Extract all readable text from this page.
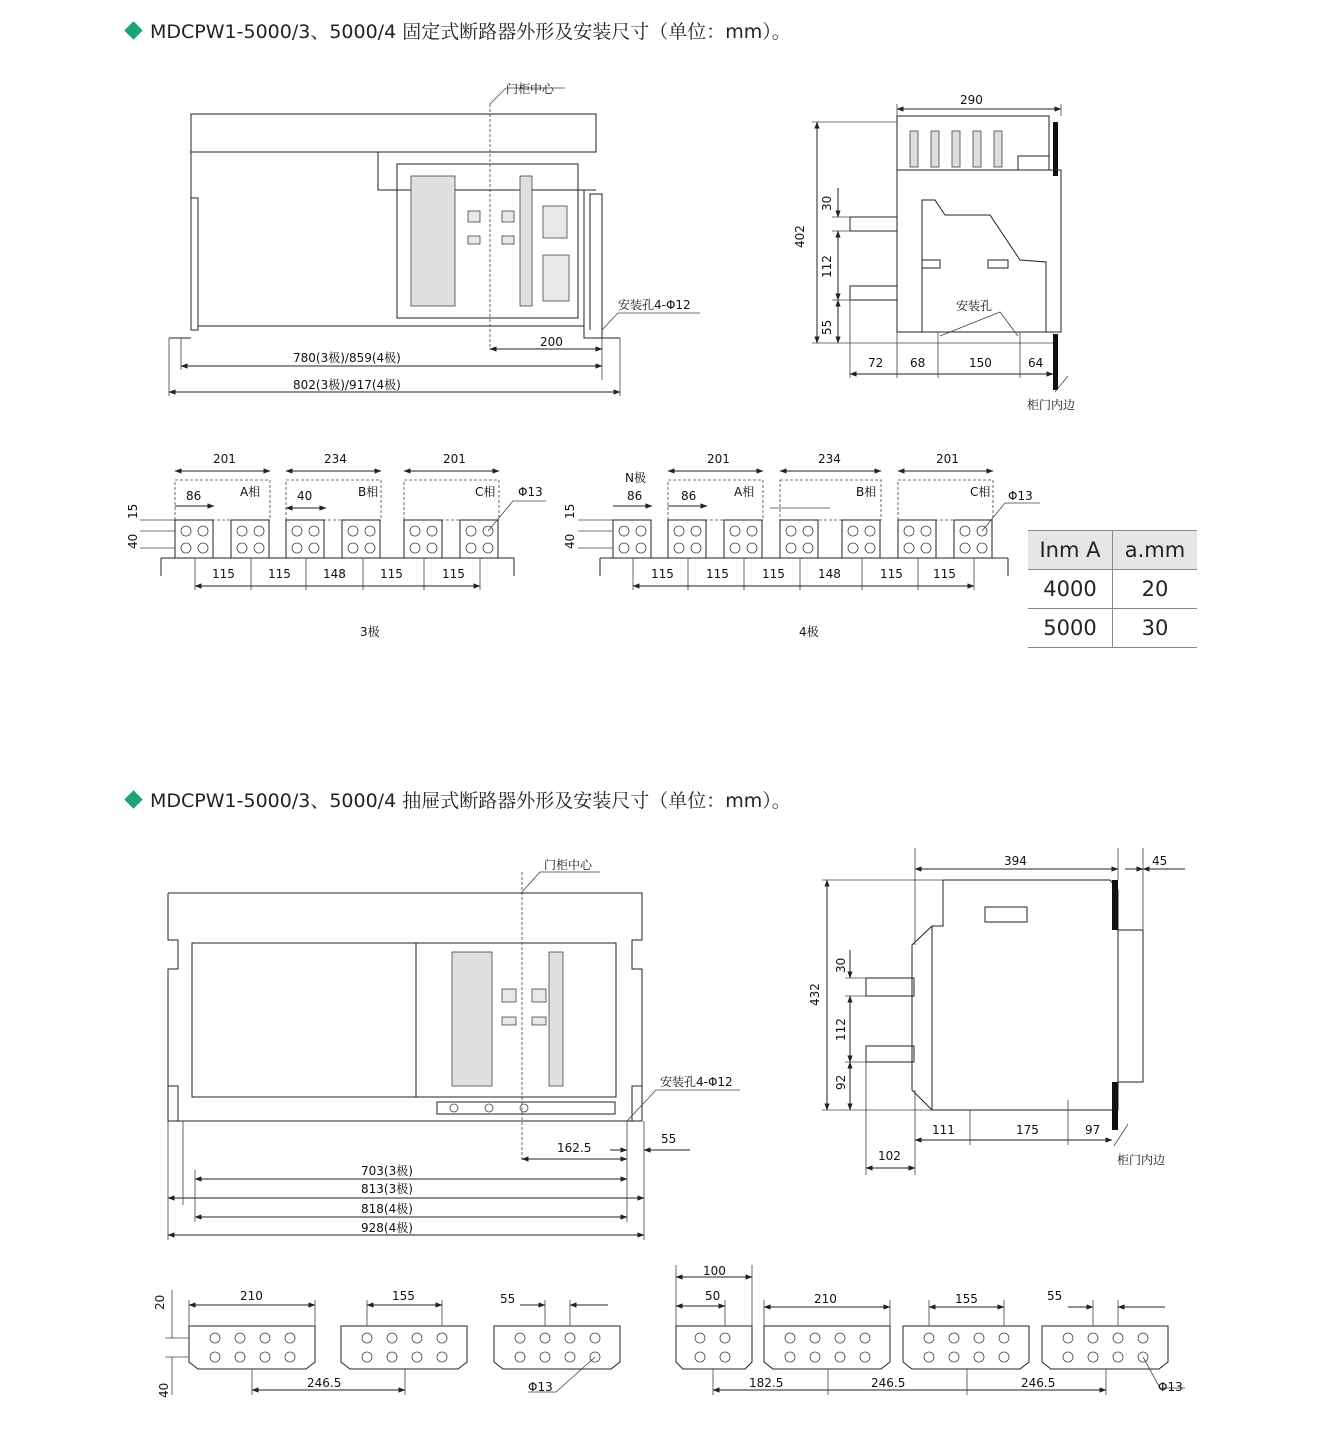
MDCPW1-5000/3、5000/4 固定式断路器外形及安装尺寸（单位：mm）。
MDCPW1-5000/3、5000/4 抽屉式断路器外形及安装尺寸（单位：mm）。
门柜中心
安装孔4-Φ12
200
780(3极)/859(4极)
802(3极)/917(4极)
290
402
30
112
55
安装孔
72 68	150	64
柜门内边
201	234	201
86	40
A相	B相	C相 Φ13
15
40
115	115	148	115	115
3极
N极
86
201	234	201
86	A相	B相	C相 Φ13
15
40
115	115	115	148	115	115
4极
门柜中心
安装孔4-Φ12
162.5
55
703(3极)
813(3极)
818(4极)
928(4极)
394	45
432
30
112
92
111	175	97
102	柜门内边
20
40
210	155	55
246.5	Φ13
100
50	210	155	55
182.5	246.5	246.5	Φ13
Inm A	a.mm
4000	20
5000	30
